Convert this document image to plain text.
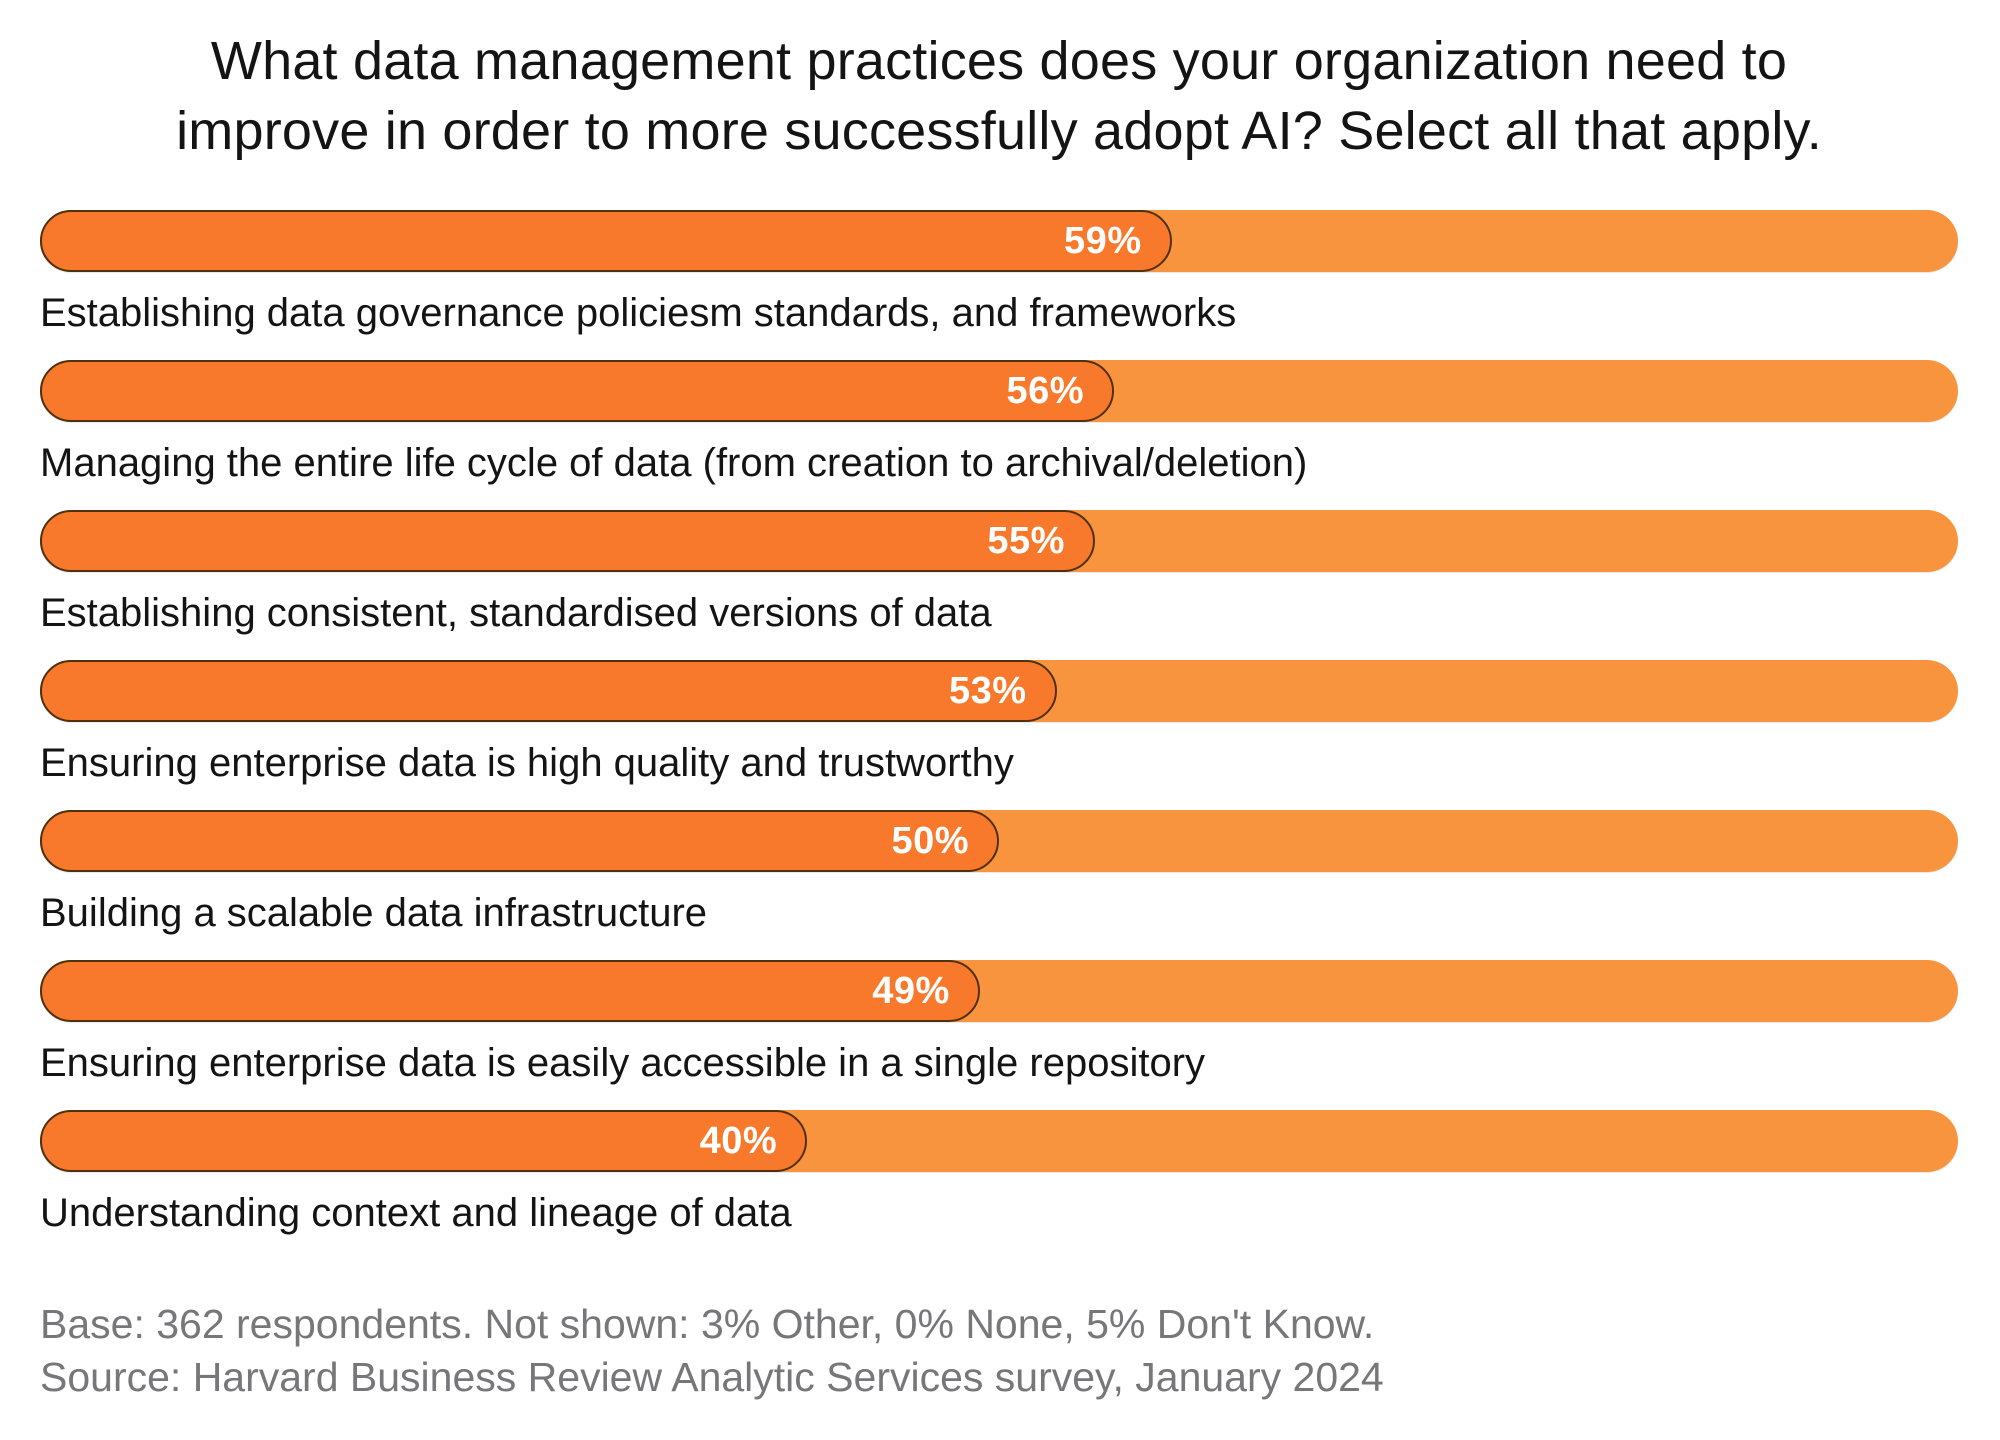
What data management practices does your organization need to
improve in order to more successfully adopt AI? Select all that apply.
59%
Establishing data governance policiesm standards, and frameworks
56%
Managing the entire life cycle of data (from creation to archival/deletion)
55%
Establishing consistent, standardised versions of data
53%
Ensuring enterprise data is high quality and trustworthy
50%
Building a scalable data infrastructure
49%
Ensuring enterprise data is easily accessible in a single repository
40%
Understanding context and lineage of data
Base: 362 respondents. Not shown: 3% Other, 0% None, 5% Don't Know.
Source: Harvard Business Review Analytic Services survey, January 2024
